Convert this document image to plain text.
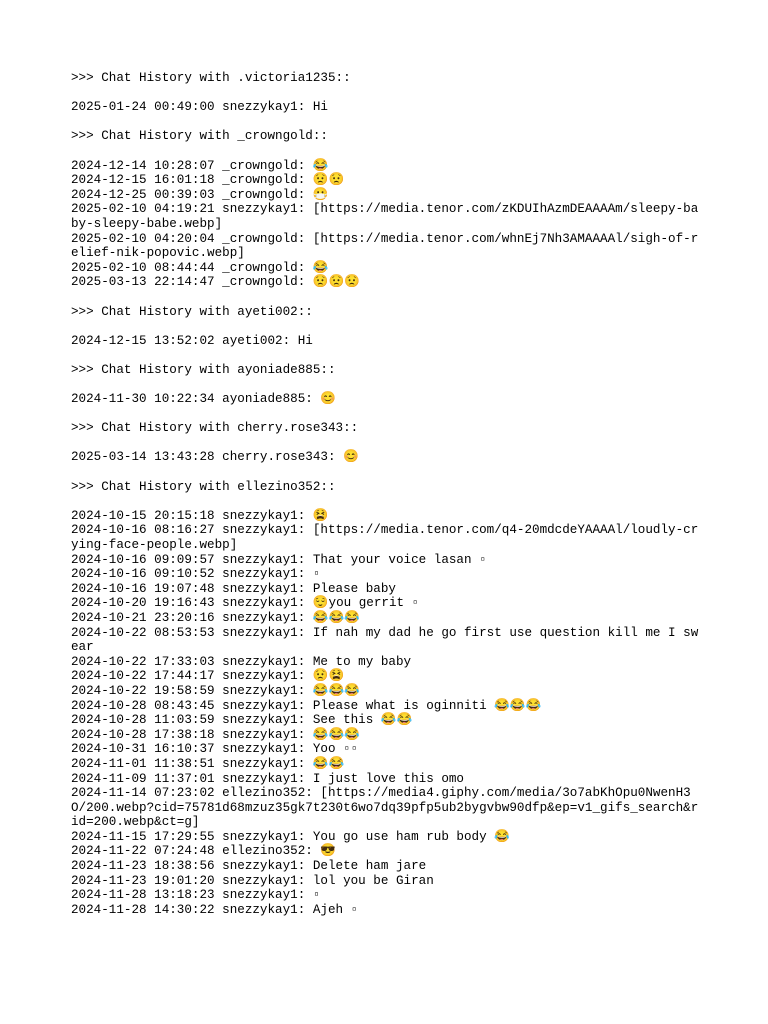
>>> Chat History with .victoria1235::
2025-01-24 00:49:00 snezzykay1: Hi
>>> Chat History with _crowngold::
2024-12-14 10:28:07 _crowngold: 😂
2024-12-15 16:01:18 _crowngold: 😟😟
2024-12-25 00:39:03 _crowngold: 😷
2025-02-10 04:19:21 snezzykay1: [https://media.tenor.com/zKDUIhAzmDEAAAAm/sleepy-baby-sleepy-babe.webp]
2025-02-10 04:20:04 _crowngold: [https://media.tenor.com/whnEj7Nh3AMAAAAl/sigh-of-relief-nik-popovic.webp]
2025-02-10 08:44:44 _crowngold: 😂
2025-03-13 22:14:47 _crowngold: 😟😟😟
>>> Chat History with ayeti002::
2024-12-15 13:52:02 ayeti002: Hi
>>> Chat History with ayoniade885::
2024-11-30 10:22:34 ayoniade885: 😊
>>> Chat History with cherry.rose343::
2025-03-14 13:43:28 cherry.rose343: 😊
>>> Chat History with ellezino352::
2024-10-15 20:15:18 snezzykay1: 😫
2024-10-16 08:16:27 snezzykay1: [https://media.tenor.com/q4-20mdcdeYAAAAl/loudly-crying-face-people.webp]
2024-10-16 09:09:57 snezzykay1: That your voice lasan ▫
2024-10-16 09:10:52 snezzykay1: ▫
2024-10-16 19:07:48 snezzykay1: Please baby
2024-10-20 19:16:43 snezzykay1: 😌you gerrit ▫
2024-10-21 23:20:16 snezzykay1: 😂😂😂
2024-10-22 08:53:53 snezzykay1: If nah my dad he go first use question kill me I swear
2024-10-22 17:33:03 snezzykay1: Me to my baby
2024-10-22 17:44:17 snezzykay1: 😟😫
2024-10-22 19:58:59 snezzykay1: 😂😂😂
2024-10-28 08:43:45 snezzykay1: Please what is oginniti 😂😂😂
2024-10-28 11:03:59 snezzykay1: See this 😂😂
2024-10-28 17:38:18 snezzykay1: 😂😂😂
2024-10-31 16:10:37 snezzykay1: Yoo ▫▫
2024-11-01 11:38:51 snezzykay1: 😂😂
2024-11-09 11:37:01 snezzykay1: I just love this omo
2024-11-14 07:23:02 ellezino352: [https://media4.giphy.com/media/3o7abKhOpu0NwenH3O/200.webp?cid=75781d68mzuz35gk7t230t6wo7dq39pfp5ub2bygvbw90dfp&ep=v1_gifs_search&rid=200.webp&ct=g]
2024-11-15 17:29:55 snezzykay1: You go use ham rub body 😂
2024-11-22 07:24:48 ellezino352: 😎
2024-11-23 18:38:56 snezzykay1: Delete ham jare
2024-11-23 19:01:20 snezzykay1: lol you be Giran
2024-11-28 13:18:23 snezzykay1: ▫
2024-11-28 14:30:22 snezzykay1: Ajeh ▫
